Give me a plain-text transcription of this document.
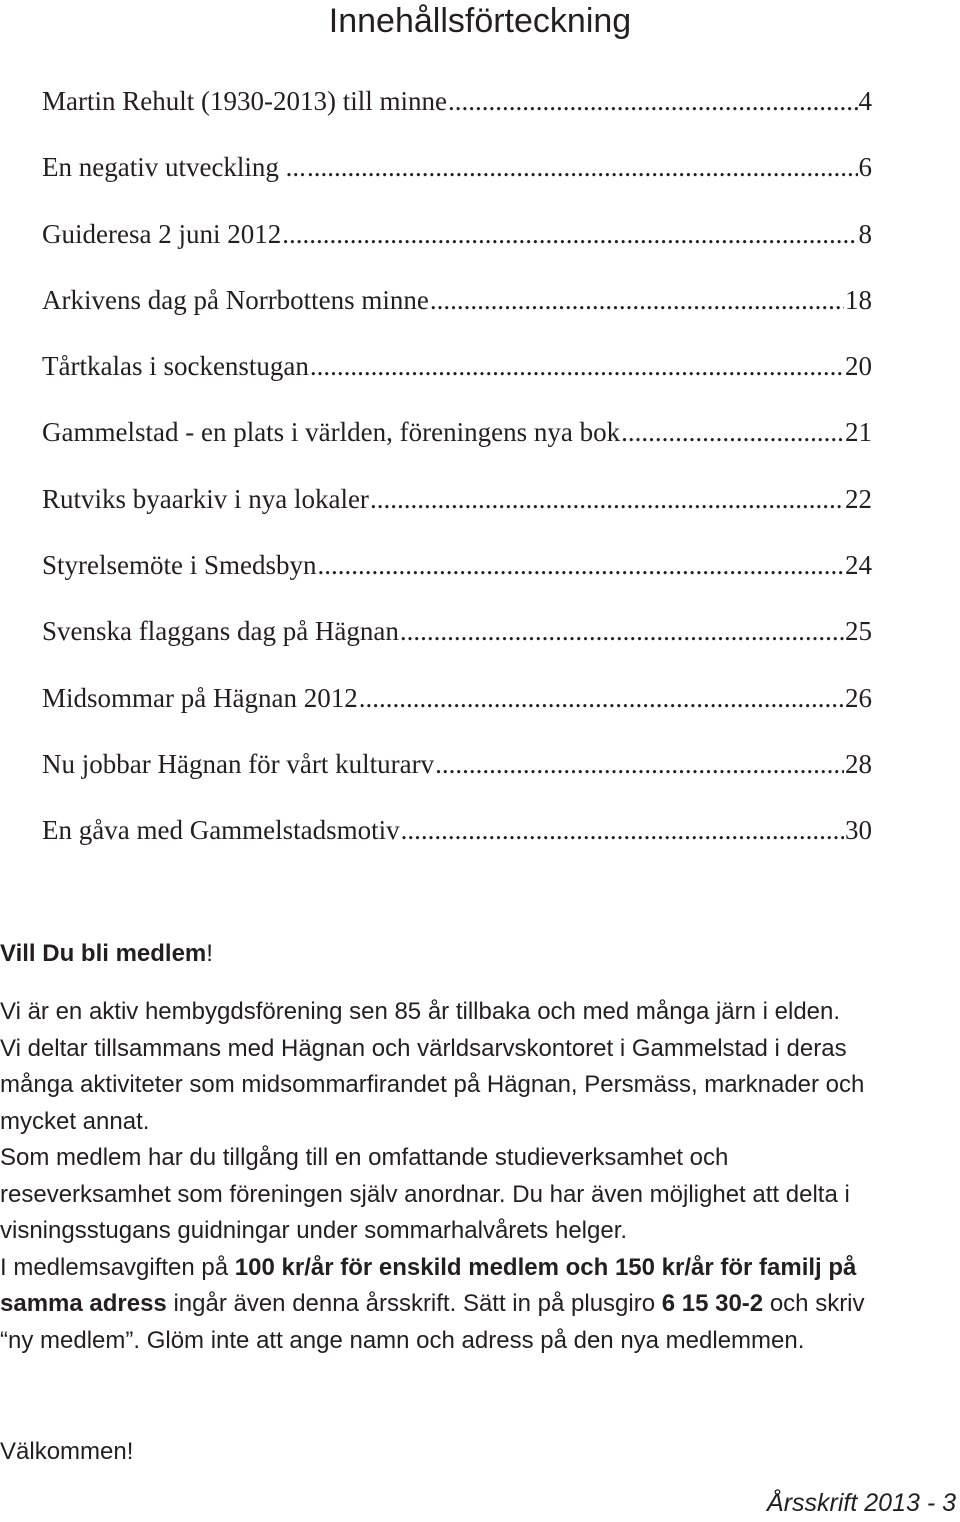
Innehållsförteckning
Martin Rehult (1930-2013) till minne .....	4
En negativ utveckling ... .....	6
Guideresa 2 juni 2012 .....	8
Arkivens dag på Norrbottens minne .....	18
Tårtkalas i sockenstugan .....	20
Gammelstad - en plats i världen, föreningens nya bok .....	21
Rutviks byaarkiv i nya lokaler .....	22
Styrelsemöte i Smedsbyn .....	24
Svenska flaggans dag på Hägnan .....	25
Midsommar på Hägnan 2012 .....	26
Nu jobbar Hägnan för vårt kulturarv .....	28
En gåva med Gammelstadsmotiv .....	30
Vill Du bli medlem!

Vi är en aktiv hembygdsförening sen 85 år tillbaka och med många järn i elden.

Vi deltar tillsammans med Hägnan och världsarvskontoret i Gammelstad i deras många aktiviteter som midsommarfirandet på Hägnan, Persmäss, marknader och mycket annat.

Som medlem har du tillgång till en omfattande studieverksamhet och reseverksamhet som föreningen själv anordnar. Du har även möjlighet att delta i visningsstugans guidningar under sommarhalvårets helger.

I medlemsavgiften på 100 kr/år för enskild medlem och 150 kr/år för familj på samma adress ingår även denna årsskrift. Sätt in på plusgiro 6 15 30-2 och skriv “ny medlem”. Glöm inte att ange namn och adress på den nya medlemmen.

Välkommen!

Årsskrift 2013 - 3
